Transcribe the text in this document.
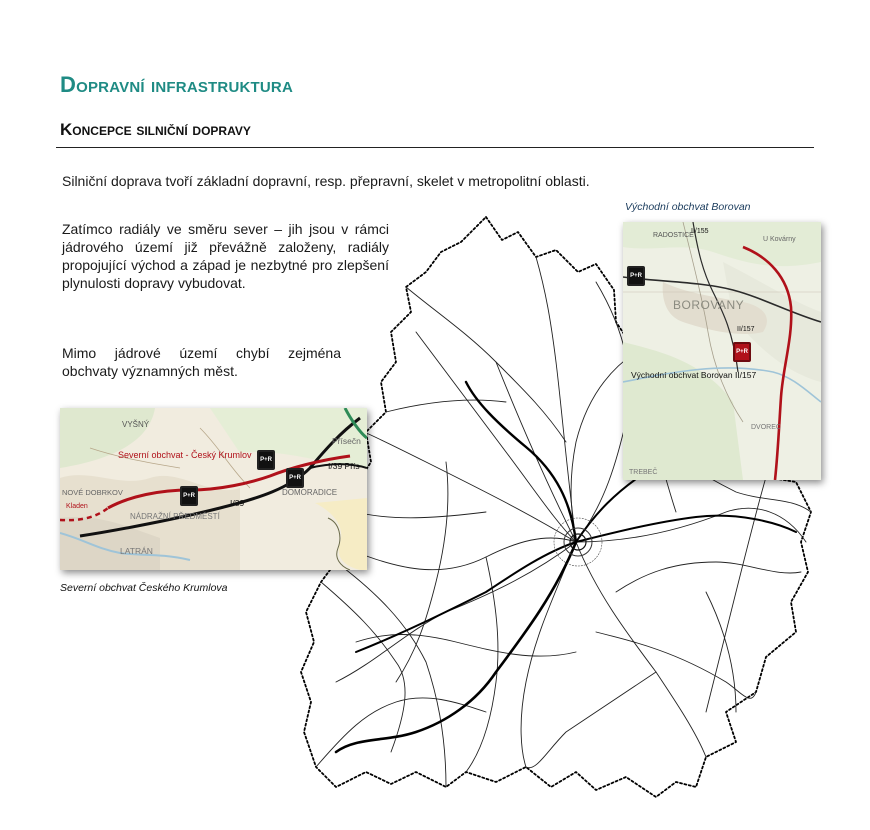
Dopravní infrastruktura
Koncepce silniční dopravy

Silniční doprava tvoří základní dopravní, resp. přepravní, skelet v metropolitní oblasti.

Zatímco radiály ve směru sever – jih jsou v rámci jádrového území již převážně založeny, radiály propojující východ a západ je nezbytné pro zlepšení plynulosti dopravy vybudovat.

Mimo jádrové území chybí zejména obchvaty významných měst.

Severní obchvat - Český Krumlov
I/39 Přís
I/39
VYŠNÝ
NOVÉ DOBRKOV
NÁDRAŽNÍ PŘEDMĚSTÍ
LATRÁN
DOMORADICE
Přísečn
Kladen
P+R
P+R
P+R

Severní obchvat Českého Krumlova

Východní obchvat Borovan

RADOSTICE
II/155
U Kovárny
BOROVANY
II/157
Východní obchvat Borovan II/157
DVOREC
TREBEČ
P+R
P+R
